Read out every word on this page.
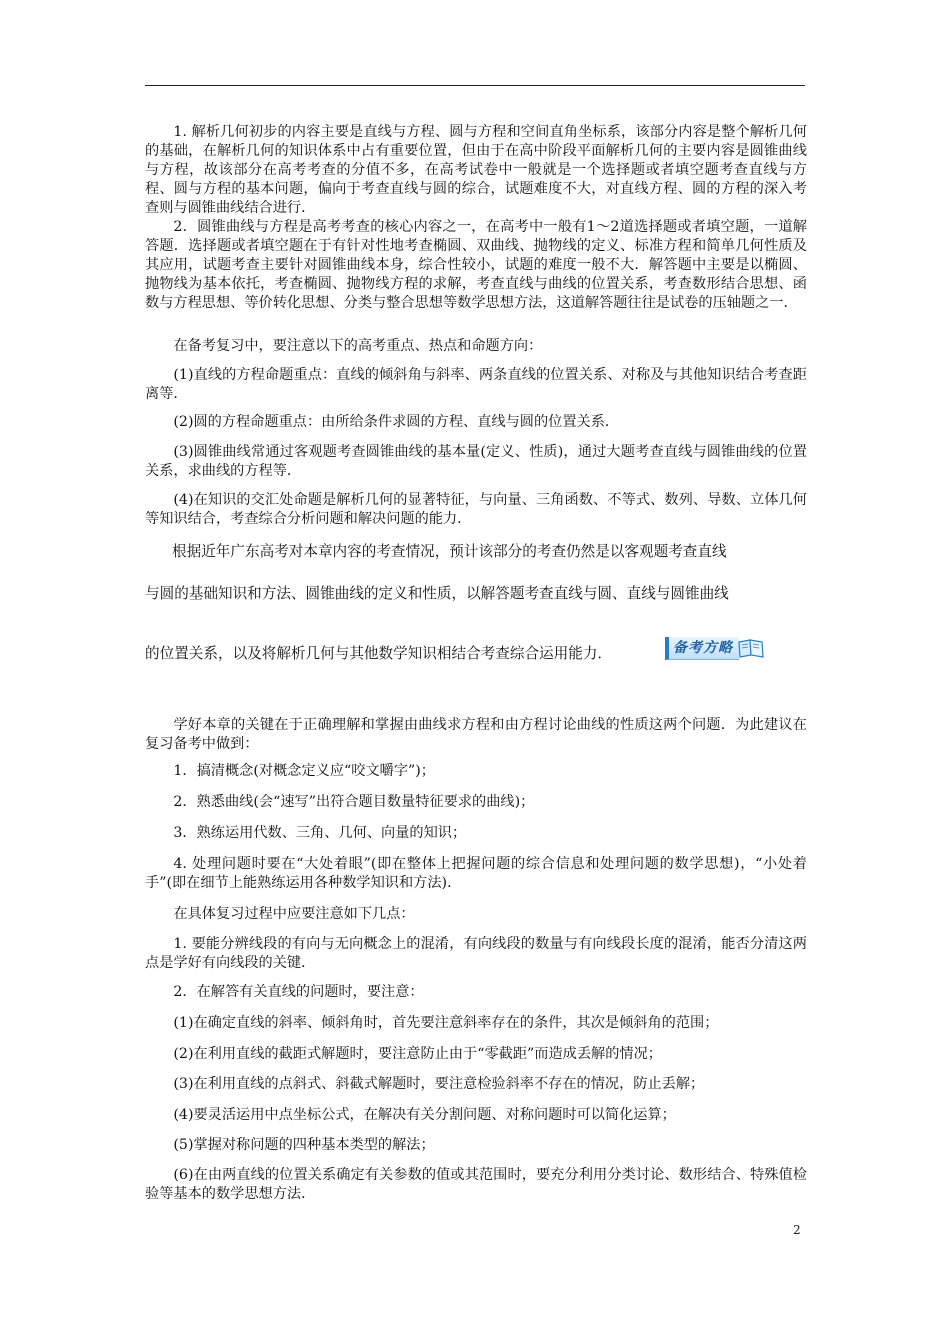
1. 解析几何初步的内容主要是直线与方程、圆与方程和空间直角坐标系，该部分内容是整个解析几何的基础，在解析几何的知识体系中占有重要位置，但由于在高中阶段平面解析几何的主要内容是圆锥曲线与方程，故该部分在高考考查的分值不多，在高考试卷中一般就是一个选择题或者填空题考查直线与方程、圆与方程的基本问题，偏向于考查直线与圆的综合，试题难度不大，对直线方程、圆的方程的深入考查则与圆锥曲线结合进行．

2．圆锥曲线与方程是高考考查的核心内容之一，在高考中一般有1～2道选择题或者填空题，一道解答题．选择题或者填空题在于有针对性地考查椭圆、双曲线、抛物线的定义、标准方程和简单几何性质及其应用，试题考查主要针对圆锥曲线本身，综合性较小，试题的难度一般不大．解答题中主要是以椭圆、抛物线为基本依托，考查椭圆、抛物线方程的求解，考查直线与曲线的位置关系，考查数形结合思想、函数与方程思想、等价转化思想、分类与整合思想等数学思想方法，这道解答题往往是试卷的压轴题之一．

在备考复习中，要注意以下的高考重点、热点和命题方向：

(1)直线的方程命题重点：直线的倾斜角与斜率、两条直线的位置关系、对称及与其他知识结合考查距离等．

(2)圆的方程命题重点：由所给条件求圆的方程、直线与圆的位置关系．

(3)圆锥曲线常通过客观题考查圆锥曲线的基本量(定义、性质)，通过大题考查直线与圆锥曲线的位置关系，求曲线的方程等．

(4)在知识的交汇处命题是解析几何的显著特征，与向量、三角函数、不等式、数列、导数、立体几何等知识结合，考查综合分析问题和解决问题的能力．

根据近年广东高考对本章内容的考查情况，预计该部分的考查仍然是以客观题考查直线

与圆的基础知识和方法、圆锥曲线的定义和性质，以解答题考查直线与圆、直线与圆锥曲线

的位置关系，以及将解析几何与其他数学知识相结合考查综合运用能力．	备考方略

学好本章的关键在于正确理解和掌握由曲线求方程和由方程讨论曲线的性质这两个问题．为此建议在复习备考中做到：

1．搞清概念(对概念定义应“咬文嚼字”)；

2．熟悉曲线(会“速写”出符合题目数量特征要求的曲线)；

3．熟练运用代数、三角、几何、向量的知识；

4. 处理问题时要在“大处着眼”(即在整体上把握问题的综合信息和处理问题的数学思想)，“小处着手”(即在细节上能熟练运用各种数学知识和方法)．

在具体复习过程中应要注意如下几点：

1. 要能分辨线段的有向与无向概念上的混淆，有向线段的数量与有向线段长度的混淆，能否分清这两点是学好有向线段的关键．

2．在解答有关直线的问题时，要注意：

(1)在确定直线的斜率、倾斜角时，首先要注意斜率存在的条件，其次是倾斜角的范围；

(2)在利用直线的截距式解题时，要注意防止由于“零截距”而造成丢解的情况；

(3)在利用直线的点斜式、斜截式解题时，要注意检验斜率不存在的情况，防止丢解；

(4)要灵活运用中点坐标公式，在解决有关分割问题、对称问题时可以简化运算；

(5)掌握对称问题的四种基本类型的解法；

(6)在由两直线的位置关系确定有关参数的值或其范围时，要充分利用分类讨论、数形结合、特殊值检验等基本的数学思想方法．

2
